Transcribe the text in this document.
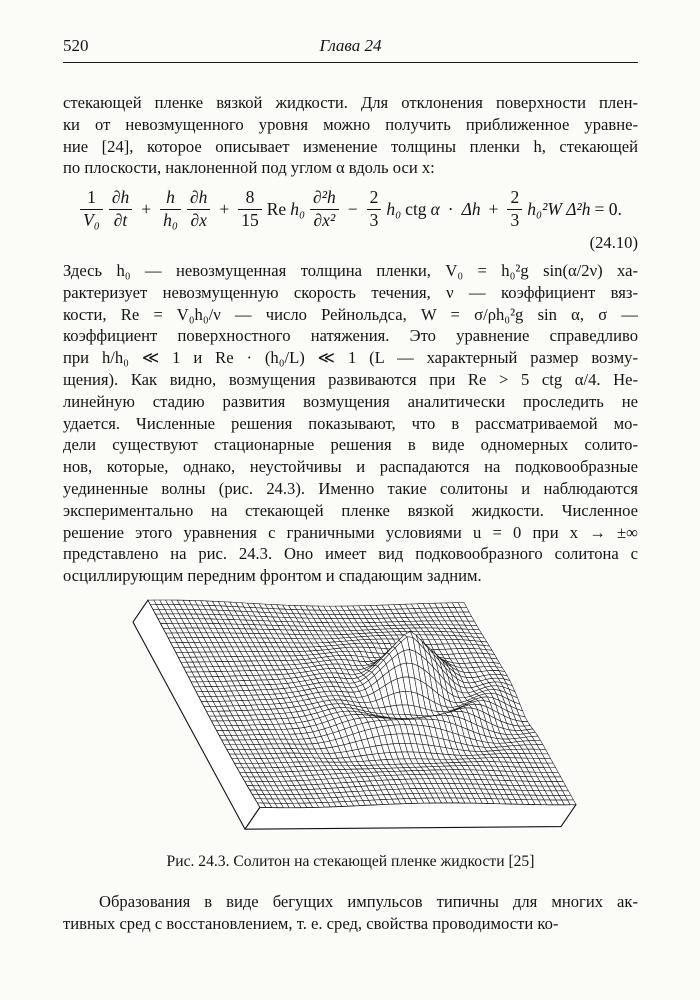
520	Глава 24
стекающей пленке вязкой жидкости. Для отклонения поверхности плен-
ки от невозмущенного уровня можно получить приближенное уравне-
ние [24], которое описывает изменение толщины пленки h, стекающей
по плоскости, наклоненной под углом α вдоль оси x:
$\frac{1}{\text{V₀}} \frac{\partial h}{\partial t} + \frac{h}{\text{h₀}} \frac{\partial h}{\partial x} + \frac{8}{15}$ Re $h_0 \frac{\text{∂²h}}{\text{∂x²}} - \frac{2}{3} h_0$ ctg $\alpha \cdot \Delta h + \frac{2}{3} h_0^2W$ Δ²h = 0.
(24.10)
Здесь h₀ — невозмущенная толщина пленки, V₀ = h₀²g sin(α/2ν) ха-
рактеризует невозмущенную скорость течения, ν — коэффициент вяз-
кости, Re = V₀h₀/ν — число Рейнольдса, W = σ/ρh₀²g sin α, σ —
коэффициент поверхностного натяжения. Это уравнение справедливо
при h/h₀ ≪ 1 и Re · (h₀/L) ≪ 1 (L — характерный размер возму-
щения). Как видно, возмущения развиваются при Re > 5 ctg α/4. Не-
линейную стадию развития возмущения аналитически проследить не
удается. Численные решения показывают, что в рассматриваемой мо-
дели существуют стационарные решения в виде одномерных солито-
нов, которые, однако, неустойчивы и распадаются на подковообразные
уединенные волны (рис. 24.3). Именно такие солитоны и наблюдаются
экспериментально на стекающей пленке вязкой жидкости. Численное
решение этого уравнения с граничными условиями u = 0 при x → ±∞
представлено на рис. 24.3. Оно имеет вид подковообразного солитона с
осциллирующим передним фронтом и спадающим задним.
Рис. 24.3. Солитон на стекающей пленке жидкости [25]
Образования в виде бегущих импульсов типичны для многих ак-
тивных сред с восстановлением, т. е. сред, свойства проводимости ко-
